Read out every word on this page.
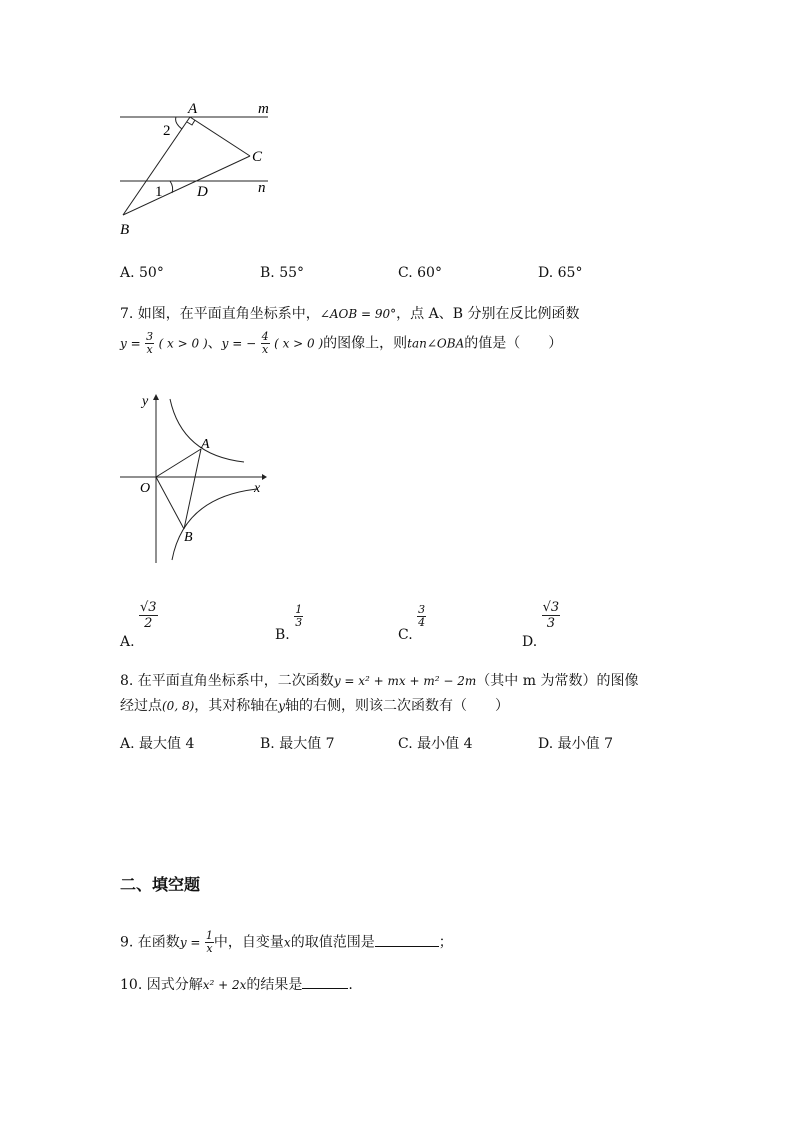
A	m
2
C
1 D	n
B
A. 50°	B. 55°	C. 60°	D. 65°
7. 如图，在平面直角坐标系中，∠AOB = 90°，点 A、B 分别在反比例函数
$y = \frac{3}{x}$ ( x > 0 )、y = − $\frac{4}{x}$ ( x > 0 )的图像上，则tan∠OBA的值是（　　）
y
A
O	x
B
A.
$\frac{√3}{2}$
B.
$\frac{1}{3}$
C.
$\frac{3}{4}$
D.
$\frac{√3}{3}$
8. 在平面直角坐标系中，二次函数y = x² + mx + m² − 2m（其中 m 为常数）的图像
经过点(0, 8)，其对称轴在y轴的右侧，则该二次函数有（　　）
A. 最大值 4	B. 最大值 7	C. 最小值 4	D. 最小值 7
二、填空题
9. 在函数$y = \frac{1}{x}$ 中，自变量x的取值范围是	；
10. 因式分解x² + 2x的结果是	.
